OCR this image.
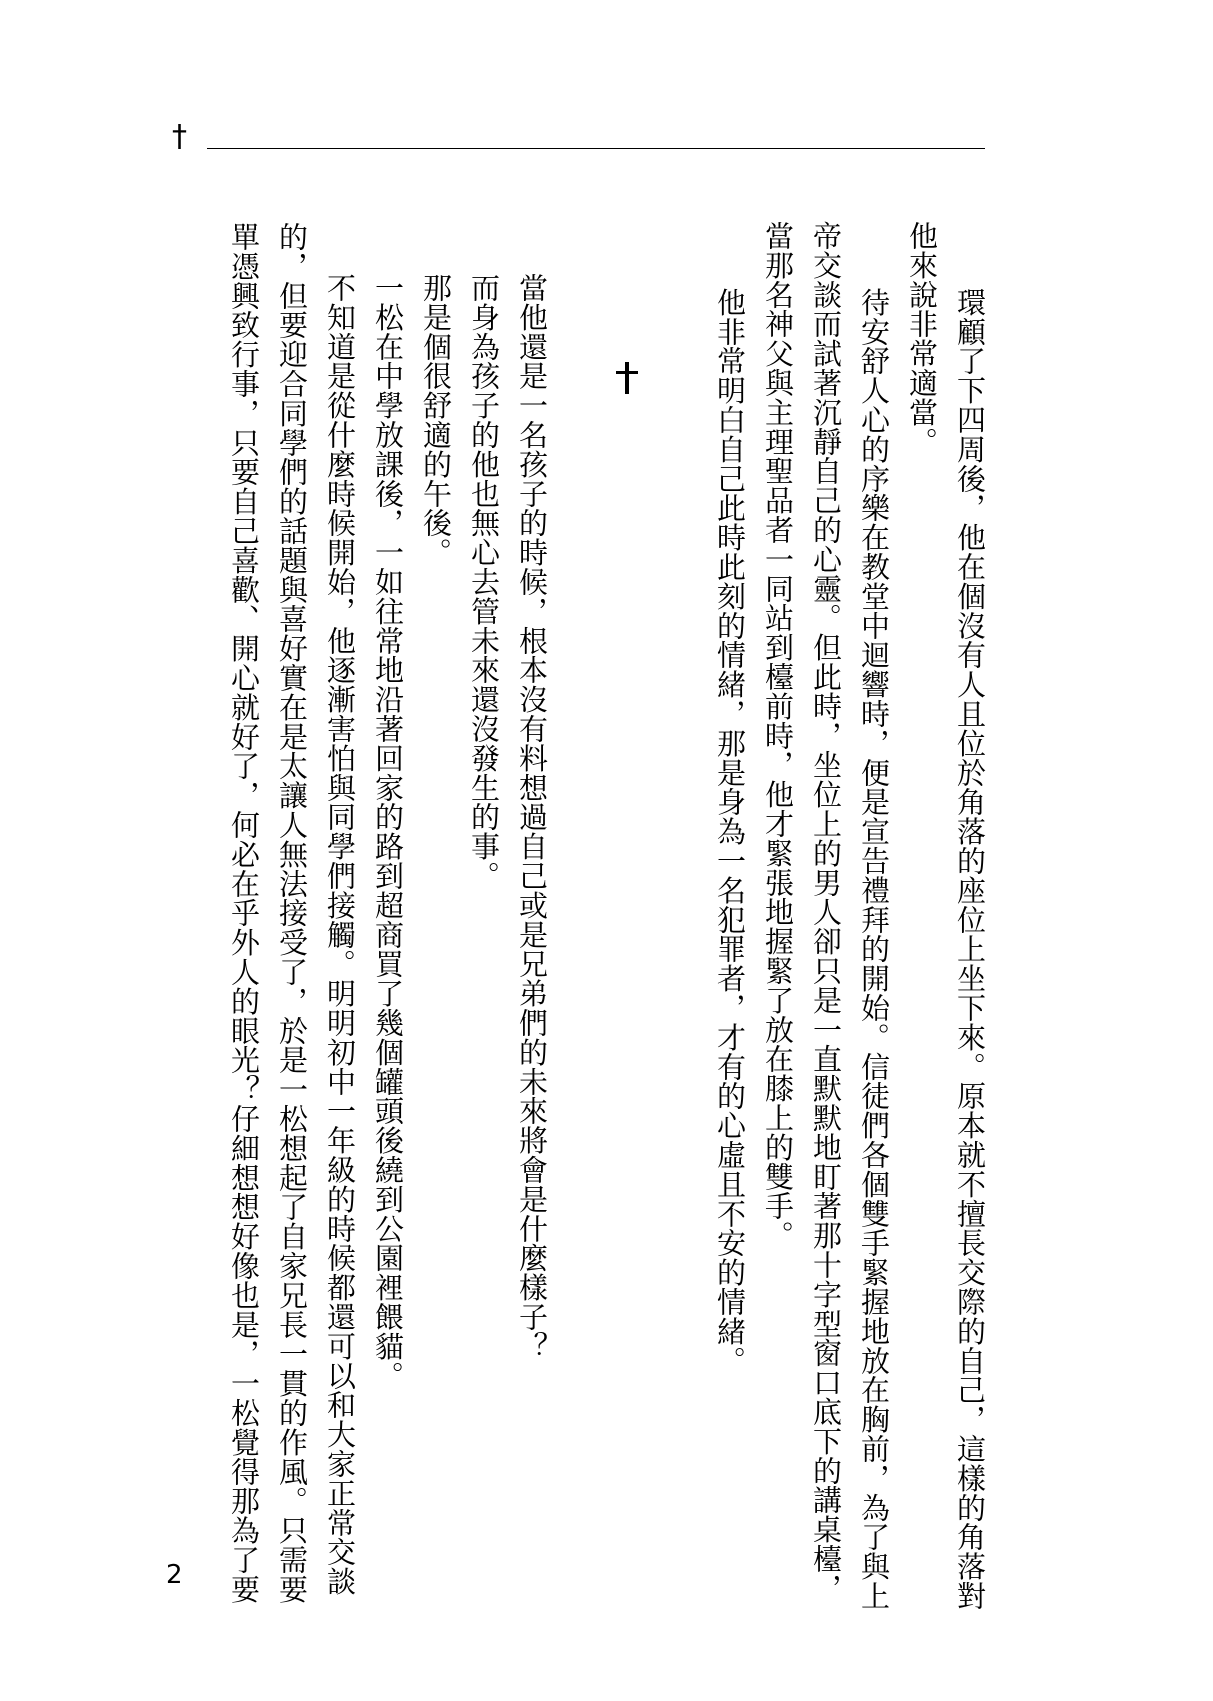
†
　環顧了下四周後，他在個沒有人且位於角落的座位上坐下來。原本就不擅長交際的自己，這樣的角落對
他來說非常適當。
　待安舒人心的序樂在教堂中迴響時，便是宣告禮拜的開始。信徒們各個雙手緊握地放在胸前，為了與上
帝交談而試著沉靜自己的心靈。但此時，坐位上的男人卻只是一直默默地盯著那十字型窗口底下的講桌檯，
當那名神父與主理聖品者一同站到檯前時，他才緊張地握緊了放在膝上的雙手。
　他非常明白自己此時此刻的情緒，那是身為一名犯罪者，才有的心虛且不安的情緒。
當他還是一名孩子的時候，根本沒有料想過自己或是兄弟們的未來將會是什麼樣子？
而身為孩子的他也無心去管未來還沒發生的事。
那是個很舒適的午後。
一松在中學放課後，一如往常地沿著回家的路到超商買了幾個罐頭後繞到公園裡餵貓。
不知道是從什麼時候開始，他逐漸害怕與同學們接觸。明明初中一年級的時候都還可以和大家正常交談
的，但要迎合同學們的話題與喜好實在是太讓人無法接受了，於是一松想起了自家兄長一貫的作風。只需要
單憑興致行事，只要自己喜歡、開心就好了，何必在乎外人的眼光？仔細想想好像也是，一松覺得那為了要
2
